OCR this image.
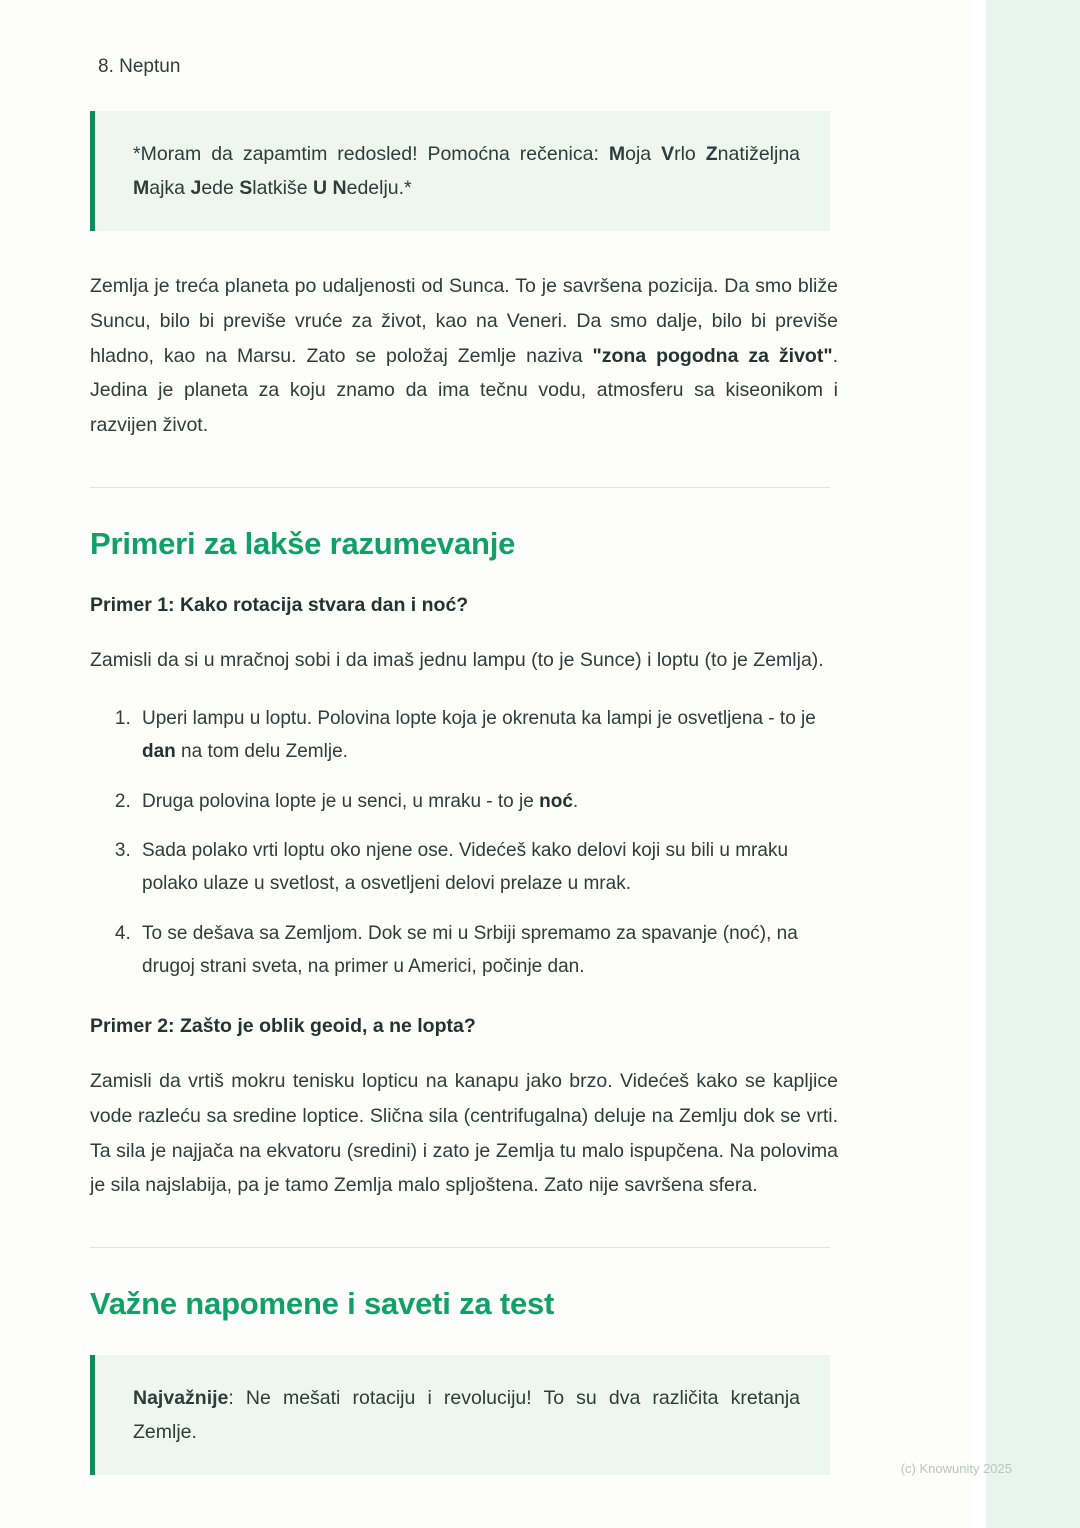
8. Neptun

*Moram da zapamtim redosled! Pomoćna rečenica: Moja Vrlo Znatiželjna Majka Jede Slatkiše U Nedelju.*

Zemlja je treća planeta po udaljenosti od Sunca. To je savršena pozicija. Da smo bliže Suncu, bilo bi previše vruće za život, kao na Veneri. Da smo dalje, bilo bi previše hladno, kao na Marsu. Zato se položaj Zemlje naziva "zona pogodna za život". Jedina je planeta za koju znamo da ima tečnu vodu, atmosferu sa kiseonikom i razvijen život.

Primeri za lakše razumevanje
Primer 1: Kako rotacija stvara dan i noć?

Zamisli da si u mračnoj sobi i da imaš jednu lampu (to je Sunce) i loptu (to je Zemlja).

1. Uperi lampu u loptu. Polovina lopte koja je okrenuta ka lampi je osvetljena - to je dan na tom delu Zemlje.
2. Druga polovina lopte je u senci, u mraku - to je noć.
3. Sada polako vrti loptu oko njene ose. Videćeš kako delovi koji su bili u mraku polako ulaze u svetlost, a osvetljeni delovi prelaze u mrak.
4. To se dešava sa Zemljom. Dok se mi u Srbiji spremamo za spavanje (noć), na drugoj strani sveta, na primer u Americi, počinje dan.
Primer 2: Zašto je oblik geoid, a ne lopta?

Zamisli da vrtiš mokru tenisku lopticu na kanapu jako brzo. Videćeš kako se kapljice vode razleću sa sredine loptice. Slična sila (centrifugalna) deluje na Zemlju dok se vrti. Ta sila je najjača na ekvatoru (sredini) i zato je Zemlja tu malo ispupčena. Na polovima je sila najslabija, pa je tamo Zemlja malo spljoštena. Zato nije savršena sfera.

Važne napomene i saveti za test

Najvažnije: Ne mešati rotaciju i revoluciju! To su dva različita kretanja Zemlje.

(c) Knowunity 2025
